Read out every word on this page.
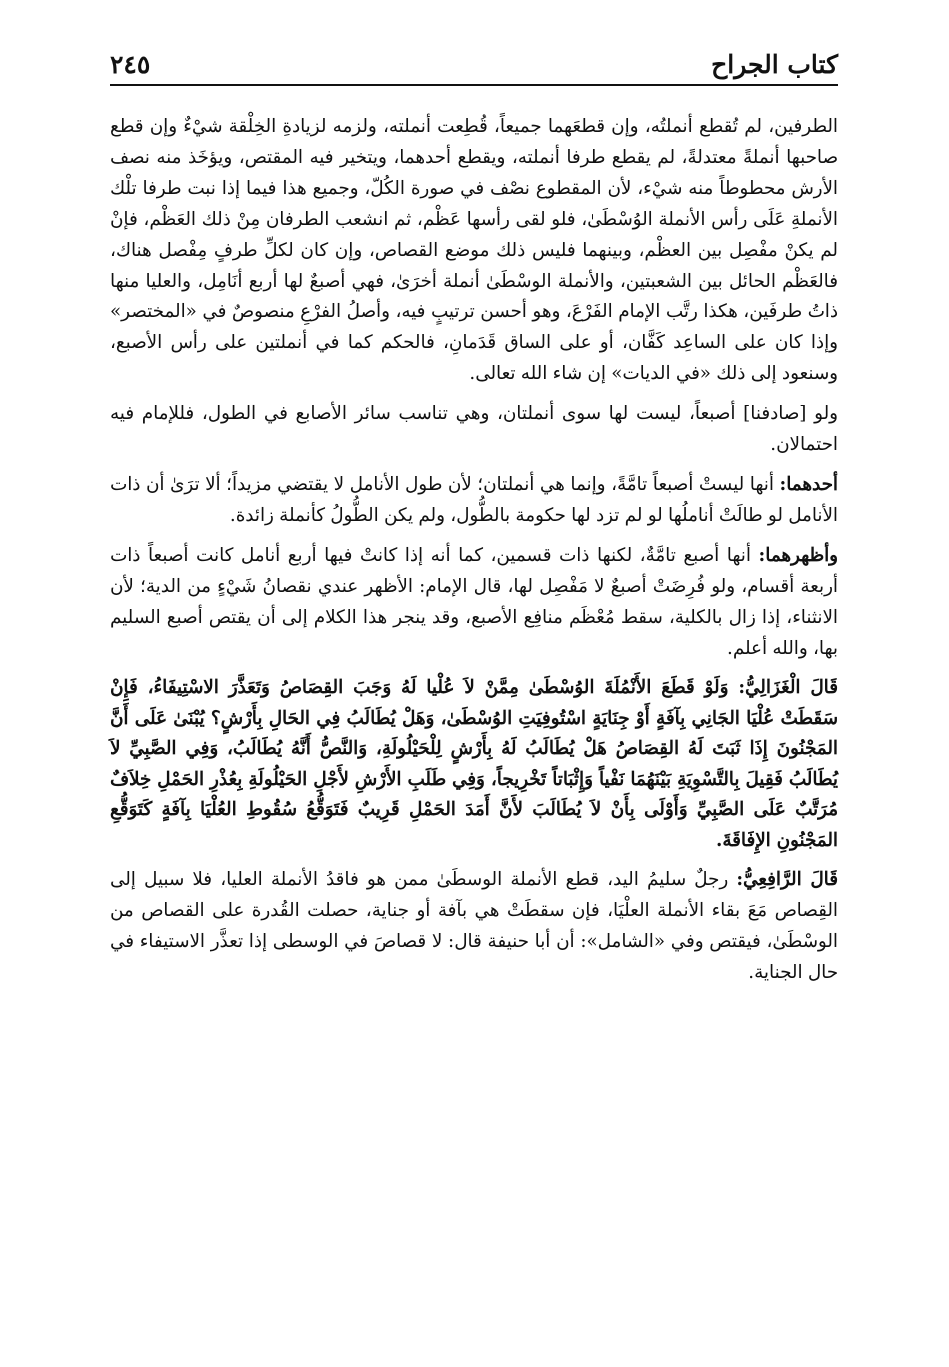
كتاب الجراح
٢٤٥

الطرفين، لم تُقطع أنملتُه، وإن قطعَهما جميعاً، قُطِعت أنملته، ولزمه لزيادةِ الخِلْقة شيْءٌ وإن قطع صاحبها أنملةً معتدلةً، لم يقطع طرفا أنملته، ويقطع أحدهما، ويتخير فيه المقتص، ويؤخَذ منه نصف الأرش محطوطاً منه شيْء، لأن المقطوع نصْف في صورة الكُلّ، وجميع هذا فيما إذا نبت طرفا تلْك الأنملةِ عَلَى رأس الأنملة الوُسْطَىٰ، فلو لقى رأسها عَظْم، ثم انشعب الطرفان مِنْ ذلك العَظْم، فإنْ لم يكنْ مفْصِل بين العظْم، وبينهما فليس ذلك موضع القصاص، وإن كان لكلِّ طرفٍ مِفْصل هناك، فالعَظْم الحائل بين الشعبتين، والأنملة الوسْطَىٰ أنملة أخرَىٰ، فهي أصبعٌ لها أربع أنَامِل، والعليا منها ذاتُ طرفَين، هكذا رتَّب الإمام الفَرْعَ، وهو أحسن ترتيبٍ فيه، وأصلُ الفرْعِ منصوصٌ في «المختصر» وإذا كان على الساعِد كَفَّان، أو على الساق قَدَمانِ، فالحكم كما في أنملتين على رأس الأصبع، وسنعود إلى ذلك «في الديات» إن شاء الله تعالى.

ولو [صادفنا] أصبعاً، ليست لها سوى أنملتان، وهي تناسب سائر الأصابع في الطول، فللإمام فيه احتمالان.

أحدهما: أنها ليستْ أصبعاً تامَّةً، وإنما هي أنملتان؛ لأن طول الأنامل لا يقتضي مزيداً؛ ألا ترَىٰ أن ذات الأنامل لو طالَتْ أناملُها لو لم تزد لها حكومة بالطُّول، ولم يكن الطُّولُ كأنملة زائدة.

وأظهرهما: أنها أصبع تامَّةٌ، لكنها ذات قسمين، كما أنه إذا كانتْ فيها أربع أنامل كانت أصبعاً ذات أربعة أقسام، ولو فُرِضَتْ أصبعٌ لا مَفْصِل لها، قال الإمام: الأظهر عندي نقصانُ شَيْءٍ من الدية؛ لأن الانثناء، إذا زال بالكلية، سقط مُعْظَم منافِع الأصبع، وقد ينجر هذا الكلام إلى أن يقتص أصبع السليم بها، والله أعلم.

قَالَ الْغَزَالِيُّ: وَلَوْ قَطَعَ الأَنْمُلَةَ الوُسْطَىٰ مِمَّنْ لاَ عُلْيا لَهُ وَجَبَ القِصَاصُ وَتَعَذَّرَ الاسْتِيفَاءُ، فَإِنْ سَقَطَتْ عُلْيَا الجَانِي بِآفَةٍ أَوْ جِنَايَةٍ اسْتُوفِيَتِ الوُسْطَىٰ، وَهَلْ يُطَالَبُ فِي الحَالِ بِأَرْشٍ؟ يُبْنَىٰ عَلَى أَنَّ المَجْنُونَ إِذَا ثَبَتَ لَهُ القِصَاصُ هَلْ يُطَالَبُ لَهُ بِأَرْشٍ لِلْحَيْلُولَةِ، وَالنَّصُّ أَنَّهُ يُطَالَبُ، وَفِي الصَّبِيِّ لاَ يُطَالَبُ فَقِيلَ بِالتَّسْوِيَةِ بَيْنَهُمَا نَفْياً وَإِثْبَاتاً تَخْرِيجاً، وَفِي طَلَبِ الأَرْشِ لأَجْلِ الحَيْلُولَةِ بِعُذْرِ الحَمْلِ خِلاَفٌ مُرَتَّبٌ عَلَى الصَّبِيِّ وَأَوْلَى بِأَنْ لاَ يُطَالَبَ لأَنَّ أَمَدَ الحَمْلِ قَرِيبٌ فَتَوَقُّعُ سُقُوطِ العُلْيَا بِآفَةٍ كَتَوَقُّعِ المَجْنُونِ الإِفَاقَةَ.

قَالَ الرَّافِعِيُّ: رجلٌ سليمُ اليد، قطع الأنملة الوسطَىٰ ممن هو فاقدُ الأنملة العليا، فلا سبيل إلى القِصاص مَعَ بقاء الأنملة العلْيَا، فإن سقطَتْ هي بآفة أو جناية، حصلت القُدرة على القصاص من الوسْطَىٰ، فيقتص وفي «الشامل»: أن أبا حنيفة قال: لا قصاصَ في الوسطى إذا تعذَّر الاستيفاء في حال الجناية.
